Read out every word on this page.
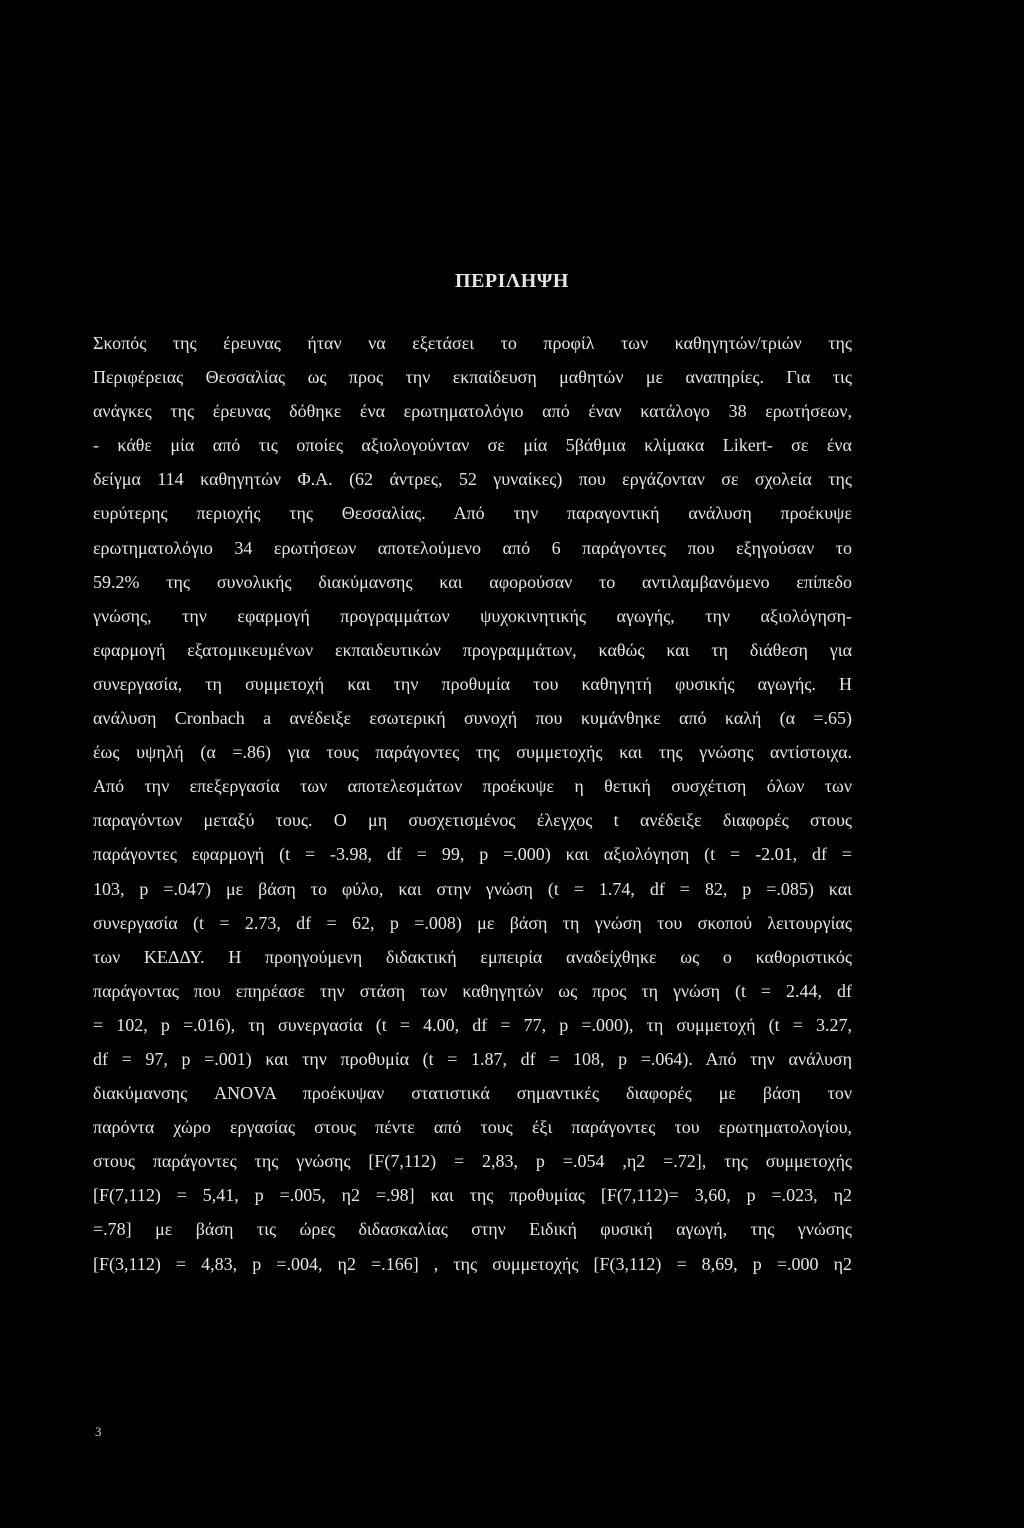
ΠΕΡΙΛΗΨΗ
Σκοπός της έρευνας ήταν να εξετάσει το προφίλ των καθηγητών/τριών της
Περιφέρειας Θεσσαλίας ως προς την εκπαίδευση μαθητών με αναπηρίες. Για τις
ανάγκες της έρευνας δόθηκε ένα ερωτηματολόγιο από έναν κατάλογο 38 ερωτήσεων,
- κάθε μία από τις οποίες αξιολογούνταν σε μία 5βάθμια κλίμακα Likert- σε ένα
δείγμα 114 καθηγητών Φ.Α. (62 άντρες, 52 γυναίκες) που εργάζονταν σε σχολεία της
ευρύτερης περιοχής της Θεσσαλίας. Από την παραγοντική ανάλυση προέκυψε
ερωτηματολόγιο 34 ερωτήσεων αποτελούμενο από 6 παράγοντες που εξηγούσαν το
59.2% της συνολικής διακύμανσης και αφορούσαν το αντιλαμβανόμενο επίπεδο
γνώσης, την εφαρμογή προγραμμάτων ψυχοκινητικής αγωγής, την αξιολόγηση-
εφαρμογή εξατομικευμένων εκπαιδευτικών προγραμμάτων, καθώς και τη διάθεση για
συνεργασία, τη συμμετοχή και την προθυμία του καθηγητή φυσικής αγωγής. Η
ανάλυση Cronbach a ανέδειξε εσωτερική συνοχή που κυμάνθηκε από καλή (α =.65)
έως υψηλή (α =.86) για τους παράγοντες της συμμετοχής και της γνώσης αντίστοιχα.
Από την επεξεργασία των αποτελεσμάτων προέκυψε η θετική συσχέτιση όλων των
παραγόντων μεταξύ τους. Ο μη συσχετισμένος έλεγχος t ανέδειξε διαφορές στους
παράγοντες εφαρμογή (t = -3.98, df = 99, p =.000) και αξιολόγηση (t = -2.01, df =
103, p =.047) με βάση το φύλο, και στην γνώση (t = 1.74, df = 82, p =.085) και
συνεργασία (t = 2.73, df = 62, p =.008) με βάση τη γνώση του σκοπού λειτουργίας
των ΚΕΔΔΥ. Η προηγούμενη διδακτική εμπειρία αναδείχθηκε ως ο καθοριστικός
παράγοντας που επηρέασε την στάση των καθηγητών ως προς τη γνώση (t = 2.44, df
= 102, p =.016), τη συνεργασία (t = 4.00, df = 77, p =.000), τη συμμετοχή (t = 3.27,
df = 97, p =.001) και την προθυμία (t = 1.87, df = 108, p =.064). Από την ανάλυση
διακύμανσης ANOVA προέκυψαν στατιστικά σημαντικές διαφορές με βάση τον
παρόντα χώρο εργασίας στους πέντε από τους έξι παράγοντες του ερωτηματολογίου,
στους παράγοντες της γνώσης [F(7,112) = 2,83, p =.054 ,η2 =.72], της συμμετοχής
[F(7,112) = 5,41, p =.005, η2 =.98] και της προθυμίας [F(7,112)= 3,60, p =.023, η2
=.78] με βάση τις ώρες διδασκαλίας στην Ειδική φυσική αγωγή, της γνώσης
[F(3,112) = 4,83, p =.004, η2 =.166] , της συμμετοχής [F(3,112) = 8,69, p =.000 η2
3
